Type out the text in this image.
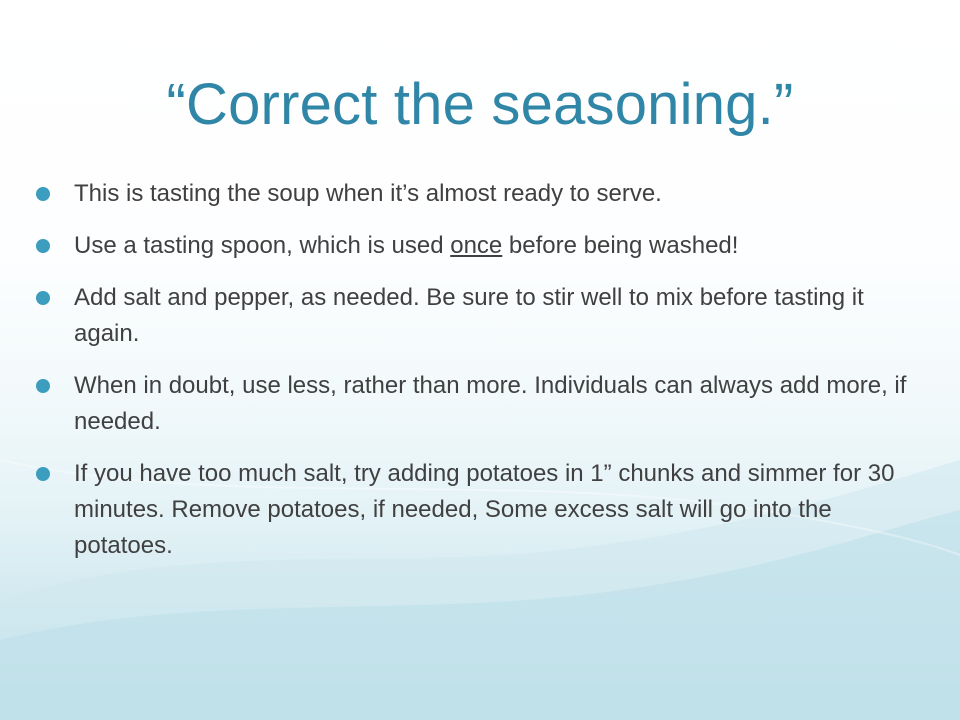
“Correct the seasoning.”
This is tasting the soup when it’s almost ready to serve.
Use a tasting spoon, which is used once before being washed!
Add salt and pepper, as needed. Be sure to stir well to mix before tasting it again.
When in doubt, use less, rather than more. Individuals can always add more, if needed.
If you have too much salt, try adding potatoes in 1” chunks and simmer for 30 minutes. Remove potatoes, if needed, Some excess salt will go into the potatoes.
